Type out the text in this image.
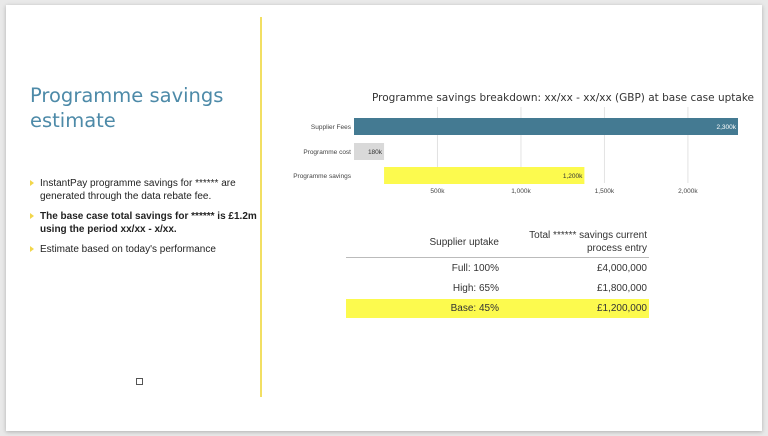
Programme savings estimate
InstantPay programme savings for ****** are generated through the data rebate fee.
The base case total savings for ****** is £1.2m using the period xx/xx - x/xx.
Estimate based on today's performance
Programme savings breakdown: xx/xx - xx/xx (GBP) at base case uptake
500k	1,000k	1,500k	2,000k
Supplier Fees	2,300k
Programme cost	180k
Programme savings	1,200k
Supplier uptake
Total ****** savings current process entry
Full: 100%	£4,000,000
High: 65%	£1,800,000
Base: 45%	£1,200,000
